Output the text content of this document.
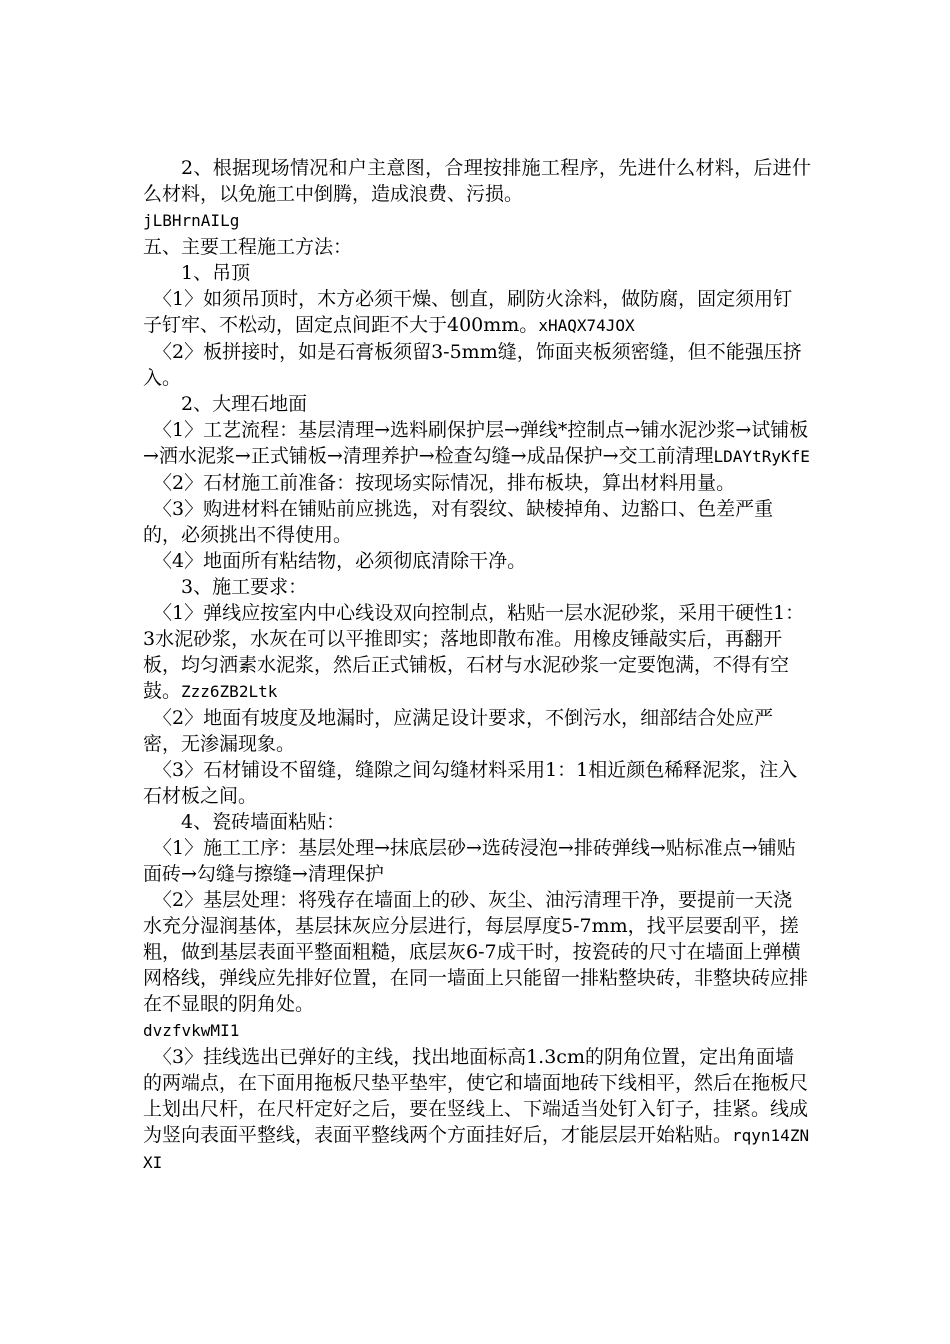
2、根据现场情况和户主意图，合理按排施工程序，先进什么材料，后进什么材料，以免施工中倒腾，造成浪费、污损。
jLBHrnAILg

五、主要工程施工方法：

1、吊顶

〈1〉如须吊顶时，木方必须干燥、刨直，刷防火涂料，做防腐，固定须用钉子钉牢、不松动，固定点间距不大于400mm。xHAQX74JOX

〈2〉板拼接时，如是石膏板须留3-5mm缝，饰面夹板须密缝，但不能强压挤入。

2、大理石地面

〈1〉工艺流程：基层清理→选料刷保护层→弹线*控制点→铺水泥沙浆→试铺板→洒水泥浆→正式铺板→清理养护→检查勾缝→成品保护→交工前清理LDAYtRyKfE

〈2〉石材施工前准备：按现场实际情况，排布板块，算出材料用量。

〈3〉购进材料在铺贴前应挑选，对有裂纹、缺棱掉角、边豁口、色差严重的，必须挑出不得使用。

〈4〉地面所有粘结物，必须彻底清除干净。

3、施工要求：

〈1〉弹线应按室内中心线设双向控制点，粘贴一层水泥砂浆，采用干硬性1：3水泥砂浆，水灰在可以平推即实；落地即散布准。用橡皮锤敲实后，再翻开板，均匀洒素水泥浆，然后正式铺板，石材与水泥砂浆一定要饱满，不得有空鼓。Zzz6ZB2Ltk

〈2〉地面有坡度及地漏时，应满足设计要求，不倒污水，细部结合处应严密，无渗漏现象。

〈3〉石材铺设不留缝，缝隙之间勾缝材料采用1：1相近颜色稀释泥浆，注入石材板之间。

4、瓷砖墙面粘贴：

〈1〉施工工序：基层处理→抹底层砂→选砖浸泡→排砖弹线→贴标准点→铺贴面砖→勾缝与擦缝→清理保护

〈2〉基层处理：将残存在墙面上的砂、灰尘、油污清理干净，要提前一天浇水充分湿润基体，基层抹灰应分层进行，每层厚度5-7mm，找平层要刮平，搓粗，做到基层表面平整面粗糙，底层灰6-7成干时，按瓷砖的尺寸在墙面上弹横网格线，弹线应先排好位置，在同一墙面上只能留一排粘整块砖，非整块砖应排在不显眼的阴角处。
dvzfvkwMI1

〈3〉挂线选出已弹好的主线，找出地面标高1.3cm的阴角位置，定出角面墙的两端点，在下面用拖板尺垫平垫牢，使它和墙面地砖下线相平，然后在拖板尺上划出尺杆，在尺杆定好之后，要在竖线上、下端适当处钉入钉子，挂紧。线成为竖向表面平整线，表面平整线两个方面挂好后，才能层层开始粘贴。rqyn14ZNXI
